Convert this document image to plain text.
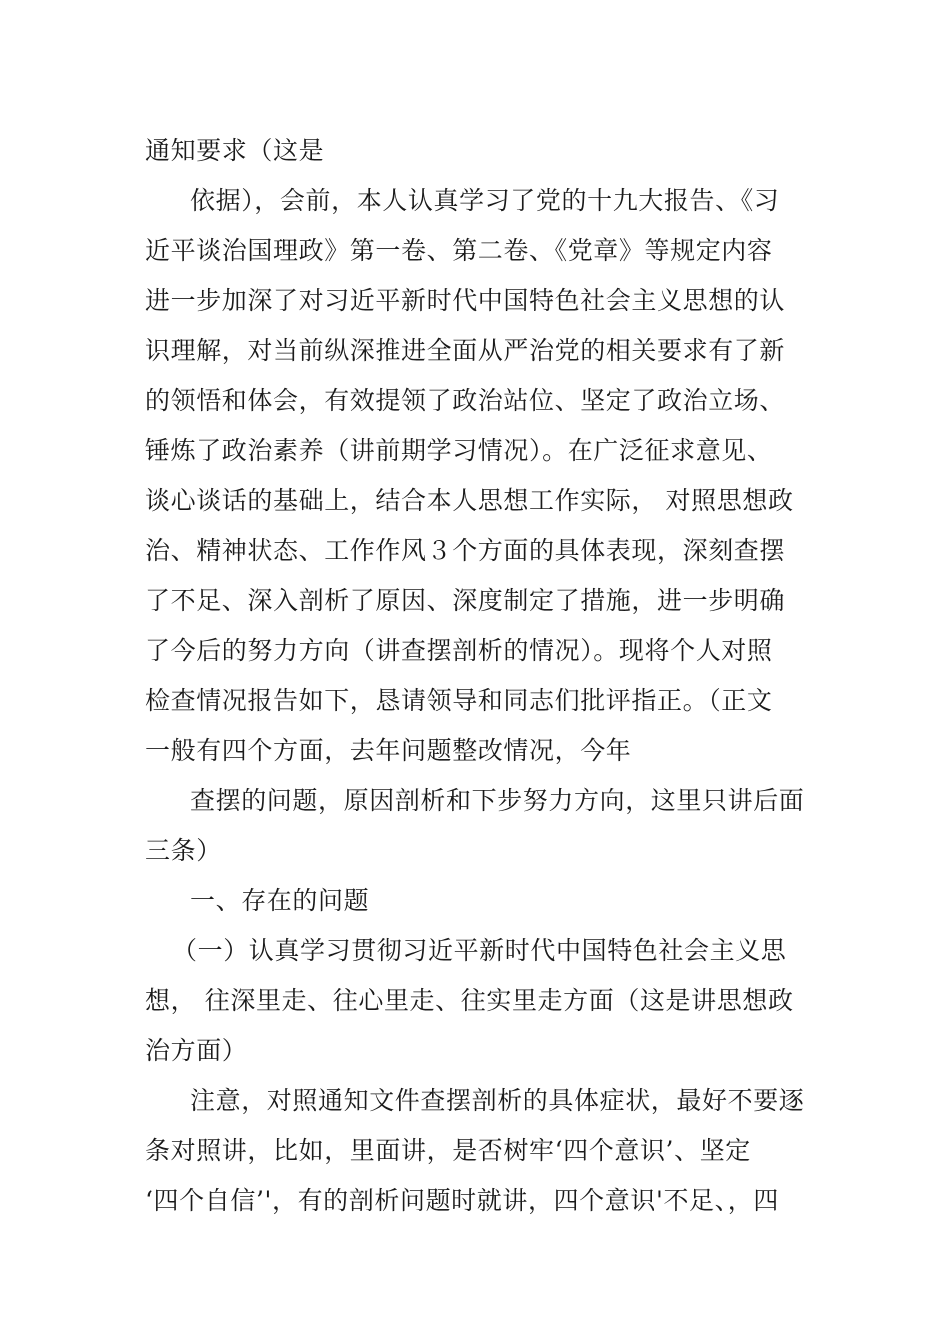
通知要求（这是
依据），会前，本人认真学习了党的十九大报告、《习
近平谈治国理政》第一卷、第二卷、《党章》等规定内容
进一步加深了对习近平新时代中国特色社会主义思想的认
识理解，对当前纵深推进全面从严治党的相关要求有了新
的领悟和体会，有效提领了政治站位、坚定了政治立场、
锤炼了政治素养（讲前期学习情况）。在广泛征求意见、
谈心谈话的基础上，结合本人思想工作实际， 对照思想政
治、精神状态、工作作风３个方面的具体表现，深刻查摆
了不足、深入剖析了原因、深度制定了措施，进一步明确
了今后的努力方向（讲查摆剖析的情况）。现将个人对照
检查情况报告如下，恳请领导和同志们批评指正。（正文
一般有四个方面，去年问题整改情况，今年
查摆的问题，原因剖析和下步努力方向，这里只讲后面
三条）
一、存在的问题
（一）认真学习贯彻习近平新时代中国特色社会主义思
想， 往深里走、往心里走、往实里走方面（这是讲思想政
治方面）
注意，对照通知文件查摆剖析的具体症状，最好不要逐
条对照讲，比如，里面讲，是否树牢‘四个意识’、坚定
‘四个自信’'，有的剖析问题时就讲，四个意识'不足、，四
